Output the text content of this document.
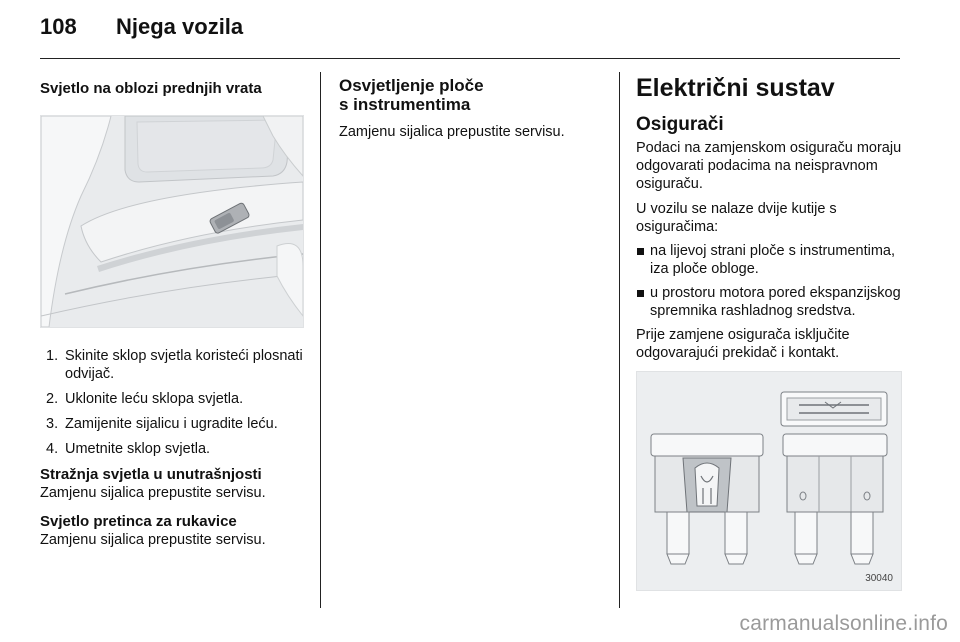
108 Njega vozila
Svjetlo na oblozi prednjih vrata
1. Skinite sklop svjetla koristeći plosnati odvijač.
2. Uklonite leću sklopa svjetla.
3. Zamijenite sijalicu i ugradite leću.
4. Umetnite sklop svjetla.
Stražnja svjetla u unutrašnjosti

Zamjenu sijalica prepustite servisu.

Svjetlo pretinca za rukavice

Zamjenu sijalica prepustite servisu.

Osvjetljenje ploče
s instrumentima

Zamjenu sijalica prepustite servisu.

Električni sustav
Osigurači

Podaci na zamjenskom osiguraču moraju odgovarati podacima na neispravnom osiguraču.

U vozilu se nalaze dvije kutije s osiguračima:

na lijevoj strani ploče s instrumentima, iza ploče obloge.
u prostoru motora pored ekspanzijskog spremnika rashladnog sredstva.

Prije zamjene osigurača isključite odgovarajući prekidač i kontakt.

30040
carmanualsonline.info
